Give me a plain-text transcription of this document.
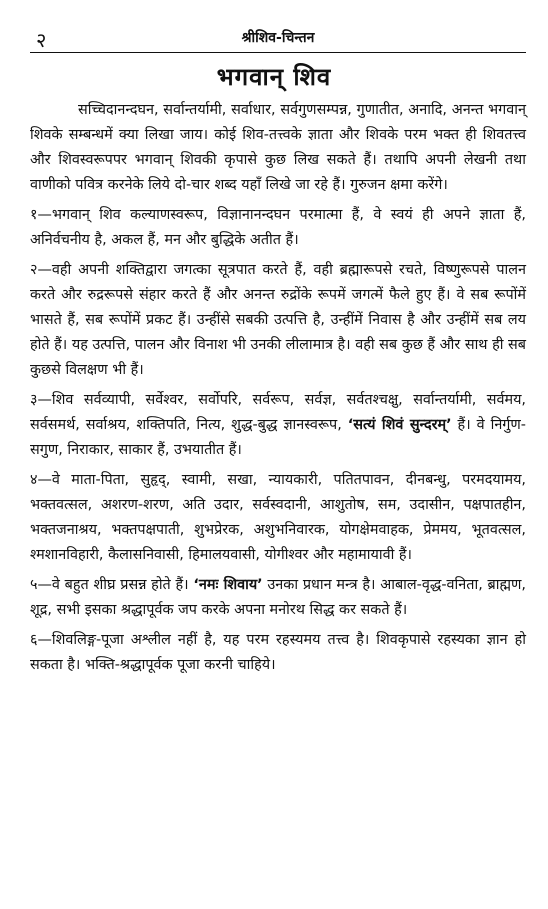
२	श्रीशिव-चिन्तन
भगवान् शिव

सच्चिदानन्दघन, सर्वान्तर्यामी, सर्वाधार, सर्वगुणसम्पन्न, गुणातीत, अनादि, अनन्त भगवान् शिवके सम्बन्धमें क्या लिखा जाय। कोई शिव-तत्त्वके ज्ञाता और शिवके परम भक्त ही शिवतत्त्व और शिवस्वरूपपर भगवान् शिवकी कृपासे कुछ लिख सकते हैं। तथापि अपनी लेखनी तथा वाणीको पवित्र करनेके लिये दो-चार शब्द यहाँ लिखे जा रहे हैं। गुरुजन क्षमा करेंगे।

१—भगवान् शिव कल्याणस्वरूप, विज्ञानानन्दघन परमात्मा हैं, वे स्वयं ही अपने ज्ञाता हैं, अनिर्वचनीय है, अकल हैं, मन और बुद्धिके अतीत हैं।

२—वही अपनी शक्तिद्वारा जगत्का सूत्रपात करते हैं, वही ब्रह्मारूपसे रचते, विष्णुरूपसे पालन करते और रुद्ररूपसे संहार करते हैं और अनन्त रुद्रोंके रूपमें जगत्में फैले हुए हैं। वे सब रूपोंमें भासते हैं, सब रूपोंमें प्रकट हैं। उन्हींसे सबकी उत्पत्ति है, उन्हींमें निवास है और उन्हींमें सब लय होते हैं। यह उत्पत्ति, पालन और विनाश भी उनकी लीलामात्र है। वही सब कुछ हैं और साथ ही सब कुछसे विलक्षण भी हैं।

३—शिव सर्वव्यापी, सर्वेश्वर, सर्वोपरि, सर्वरूप, सर्वज्ञ, सर्वतश्चक्षु, सर्वान्तर्यामी, सर्वमय, सर्वसमर्थ, सर्वाश्रय, शक्तिपति, नित्य, शुद्ध-बुद्ध ज्ञानस्वरूप, ‘सत्यं शिवं सुन्दरम्’ हैं। वे निर्गुण-सगुण, निराकार, साकार हैं, उभयातीत हैं।

४—वे माता-पिता, सुहृद्, स्वामी, सखा, न्यायकारी, पतितपावन, दीनबन्धु, परमदयामय, भक्तवत्सल, अशरण-शरण, अति उदार, सर्वस्वदानी, आशुतोष, सम, उदासीन, पक्षपातहीन, भक्तजनाश्रय, भक्तपक्षपाती, शुभप्रेरक, अशुभनिवारक, योगक्षेमवाहक, प्रेममय, भूतवत्सल, श्मशानविहारी, कैलासनिवासी, हिमालयवासी, योगीश्वर और महामायावी हैं।

५—वे बहुत शीघ्र प्रसन्न होते हैं। ‘नमः शिवाय’ उनका प्रधान मन्त्र है। आबाल-वृद्ध-वनिता, ब्राह्मण, शूद्र, सभी इसका श्रद्धापूर्वक जप करके अपना मनोरथ सिद्ध कर सकते हैं।

६—शिवलिङ्ग-पूजा अश्लील नहीं है, यह परम रहस्यमय तत्त्व है। शिवकृपासे रहस्यका ज्ञान हो सकता है। भक्ति-श्रद्धापूर्वक पूजा करनी चाहिये।
